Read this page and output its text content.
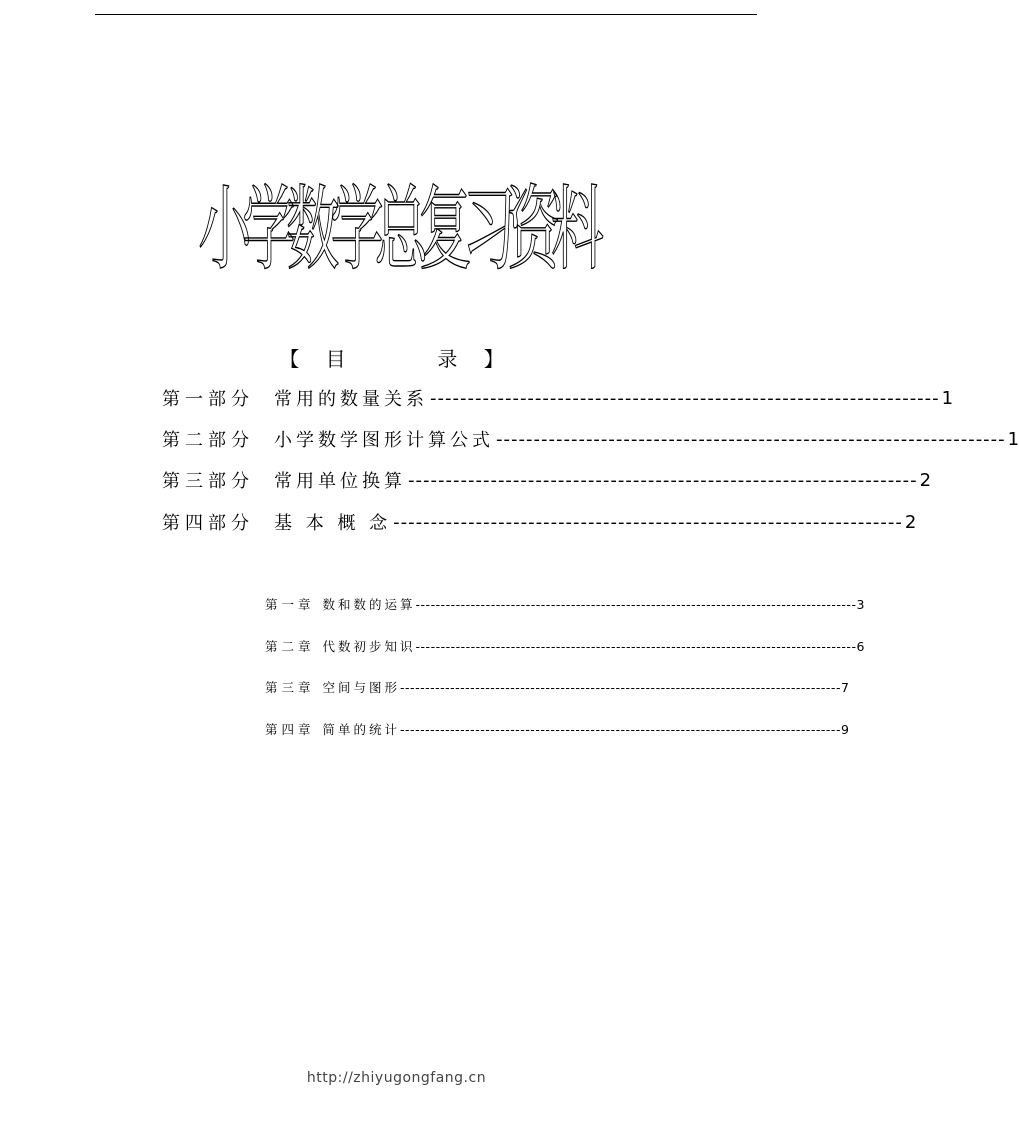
小学数学总复习资料
【 目	录 】
第一部分 常用的数量关系 -------------------------------------------------------------------- 1
第二部分 小学数学图形计算公式 -------------------------------------------------------------------- 1
第三部分 常用单位换算 -------------------------------------------------------------------- 2
第四部分 基 本 概 念 -------------------------------------------------------------------- 2
第一章 数和数的运算 ---------------------------------------------------------------------------------------- 3
第二章 代数初步知识 ---------------------------------------------------------------------------------------- 6
第三章 空间与图形 ---------------------------------------------------------------------------------------- 7
第四章 简单的统计 ---------------------------------------------------------------------------------------- 9
http://zhiyugongfang.cn
